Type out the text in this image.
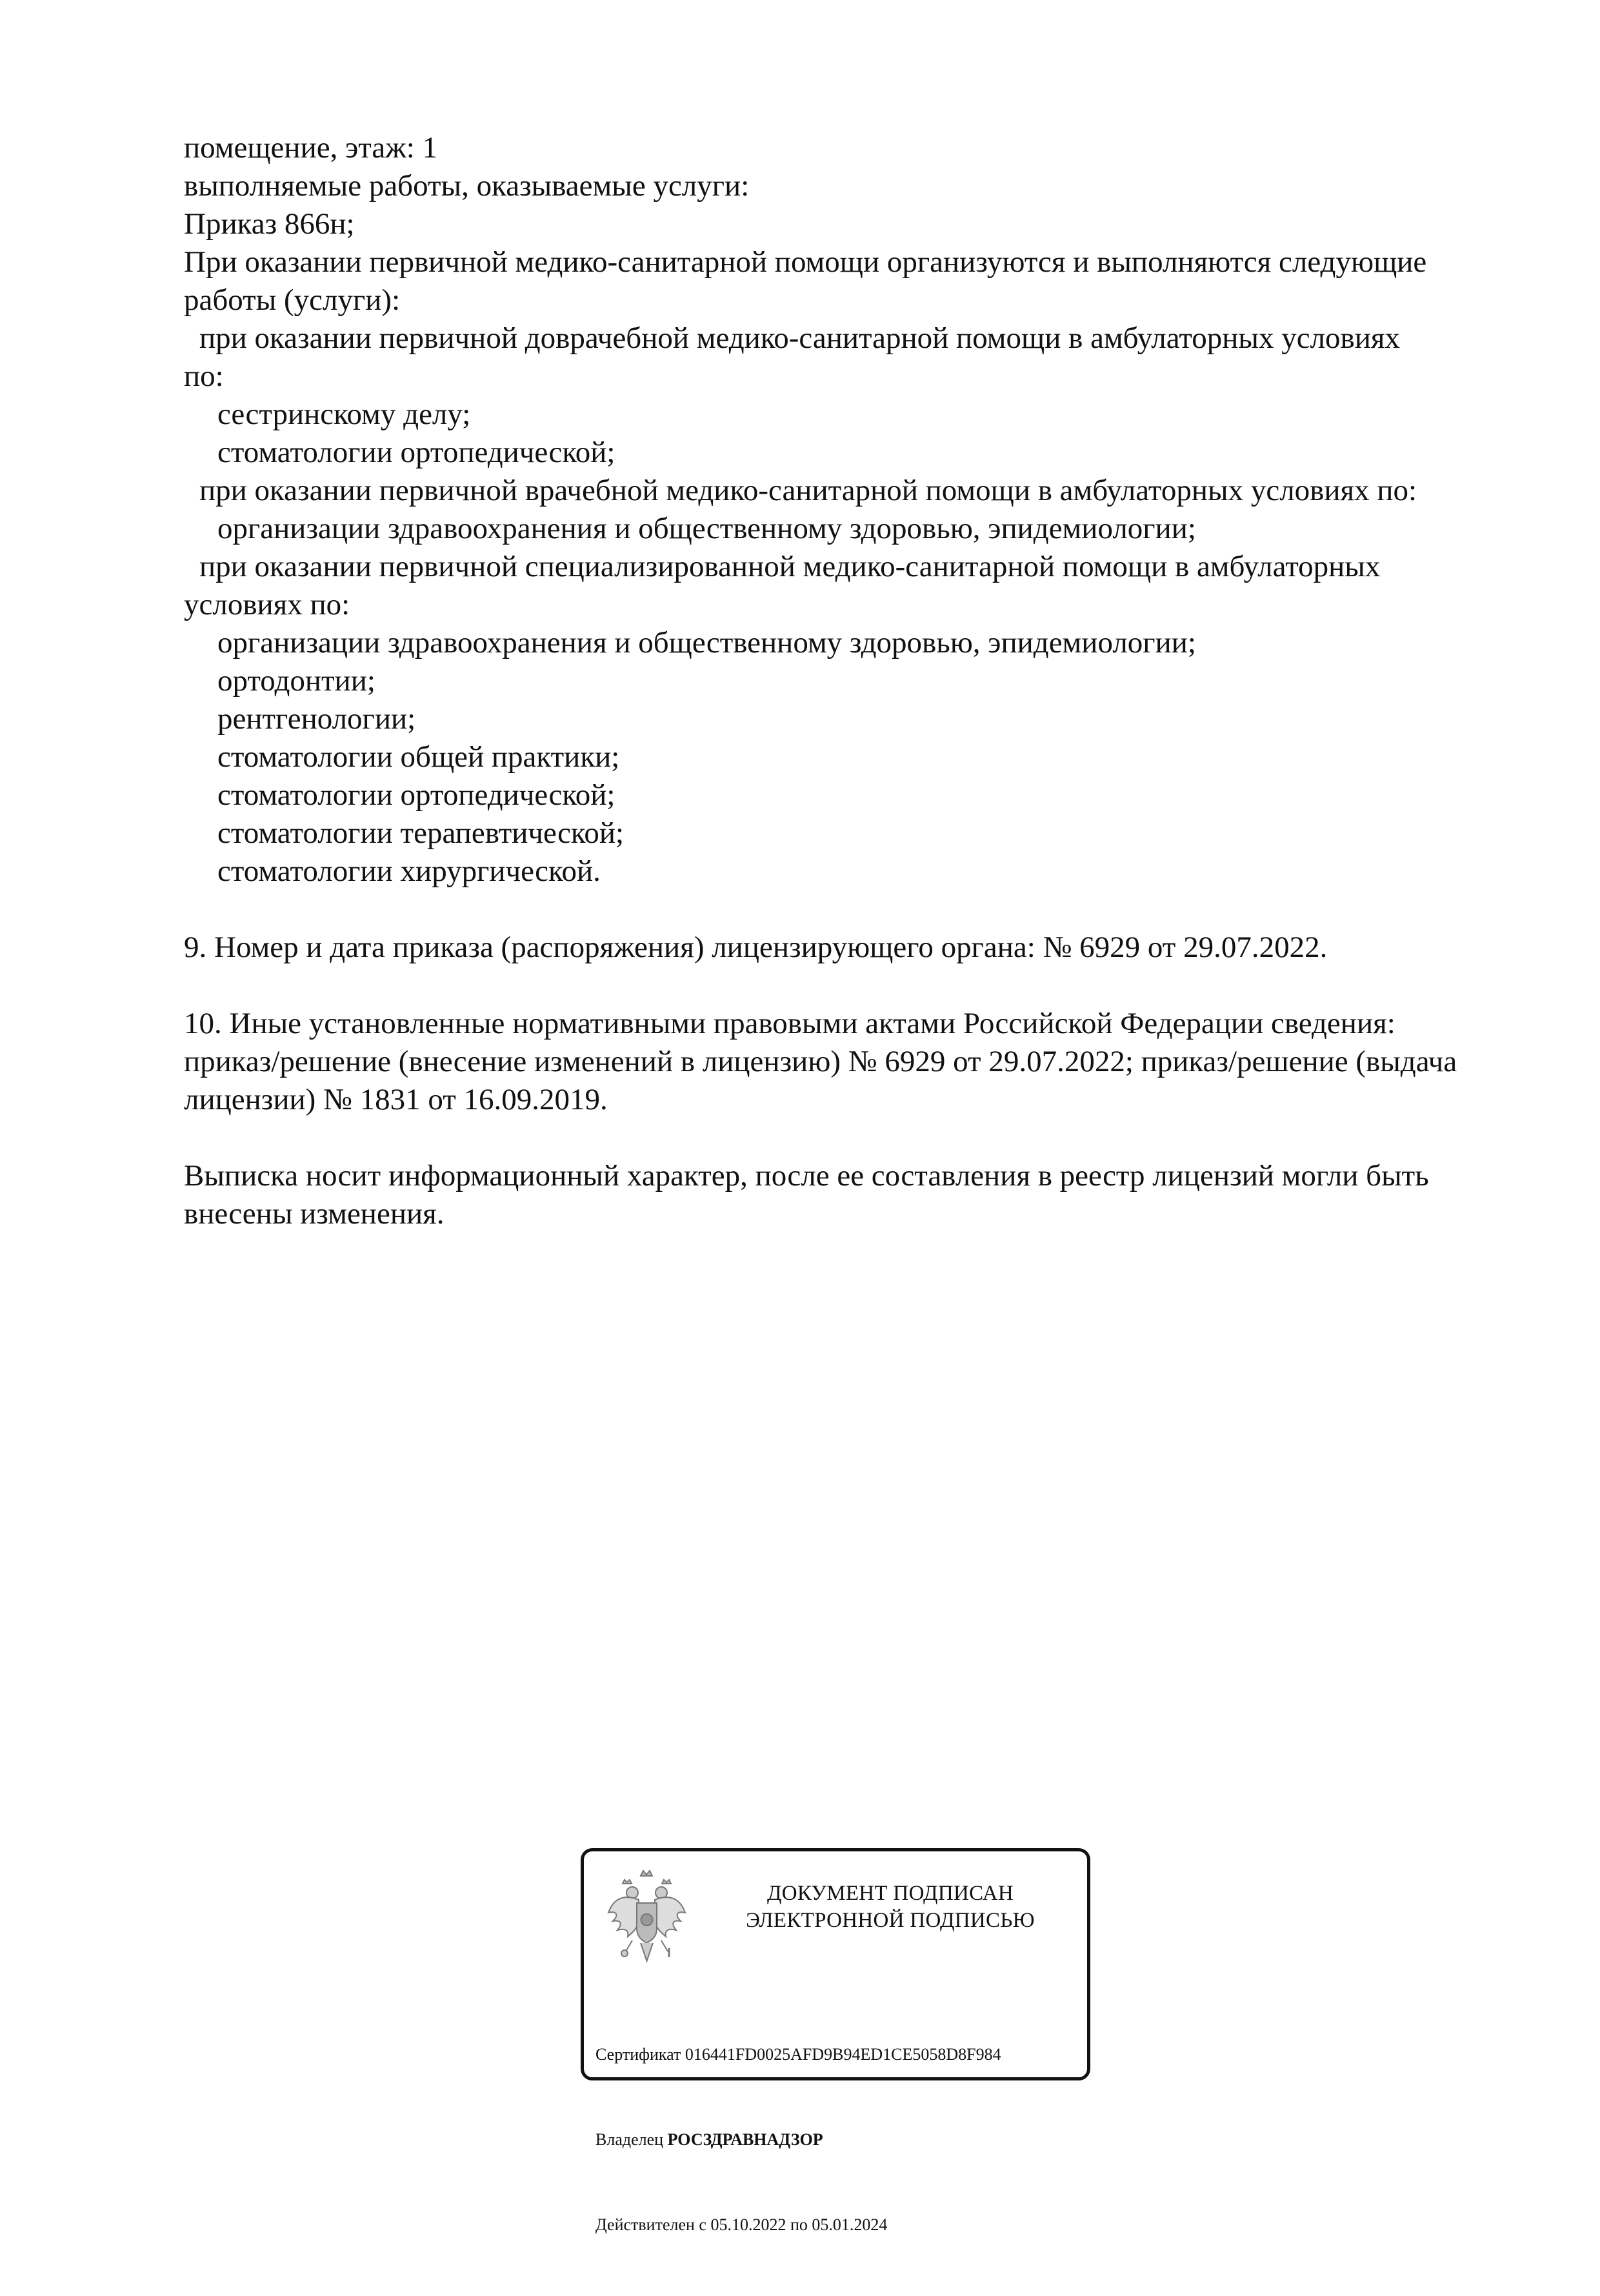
помещение, этаж: 1
выполняемые работы, оказываемые услуги:
Приказ 866н;
При оказании первичной медико-санитарной помощи организуются и выполняются следующие
работы (услуги):
при оказании первичной доврачебной медико-санитарной помощи в амбулаторных условиях
по:
сестринскому делу;
стоматологии ортопедической;
при оказании первичной врачебной медико-санитарной помощи в амбулаторных условиях по:
организации здравоохранения и общественному здоровью, эпидемиологии;
при оказании первичной специализированной медико-санитарной помощи в амбулаторных
условиях по:
организации здравоохранения и общественному здоровью, эпидемиологии;
ортодонтии;
рентгенологии;
стоматологии общей практики;
стоматологии ортопедической;
стоматологии терапевтической;
стоматологии хирургической.
9. Номер и дата приказа (распоряжения) лицензирующего органа: № 6929 от 29.07.2022.
10. Иные установленные нормативными правовыми актами Российской Федерации сведения:
приказ/решение (внесение изменений в лицензию) № 6929 от 29.07.2022; приказ/решение (выдача
лицензии) № 1831 от 16.09.2019.
Выписка носит информационный характер, после ее составления в реестр лицензий могли быть
внесены изменения.
ДОКУМЕНТ ПОДПИСАН
ЭЛЕКТРОННОЙ ПОДПИСЬЮ

Сертификат 016441FD0025AFD9B94ED1CE5058D8F984

Владелец РОСЗДРАВНАДЗОР

Действителен с 05.10.2022 по 05.01.2024
